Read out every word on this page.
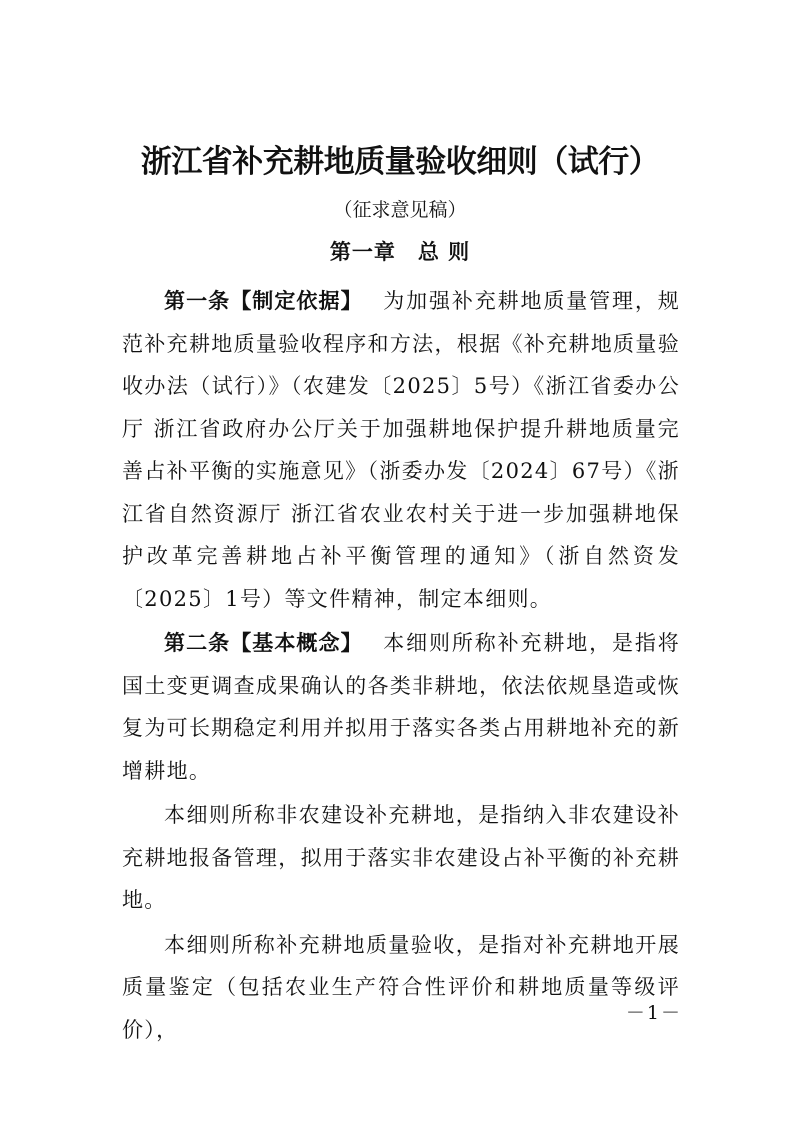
浙江省补充耕地质量验收细则（试行）
（征求意见稿）
第一章 总 则

第一条【制定依据】 为加强补充耕地质量管理，规范补充耕地质量验收程序和方法，根据《补充耕地质量验收办法（试行）》（农建发〔2025〕5号）《浙江省委办公厅 浙江省政府办公厅关于加强耕地保护提升耕地质量完善占补平衡的实施意见》（浙委办发〔2024〕67号）《浙江省自然资源厅 浙江省农业农村关于进一步加强耕地保护改革完善耕地占补平衡管理的通知》（浙自然资发〔2025〕1号）等文件精神，制定本细则。

第二条【基本概念】 本细则所称补充耕地，是指将国土变更调查成果确认的各类非耕地，依法依规垦造或恢复为可长期稳定利用并拟用于落实各类占用耕地补充的新增耕地。

本细则所称非农建设补充耕地，是指纳入非农建设补充耕地报备管理，拟用于落实非农建设占补平衡的补充耕地。

本细则所称补充耕地质量验收，是指对补充耕地开展质量鉴定（包括农业生产符合性评价和耕地质量等级评价），

－1－
